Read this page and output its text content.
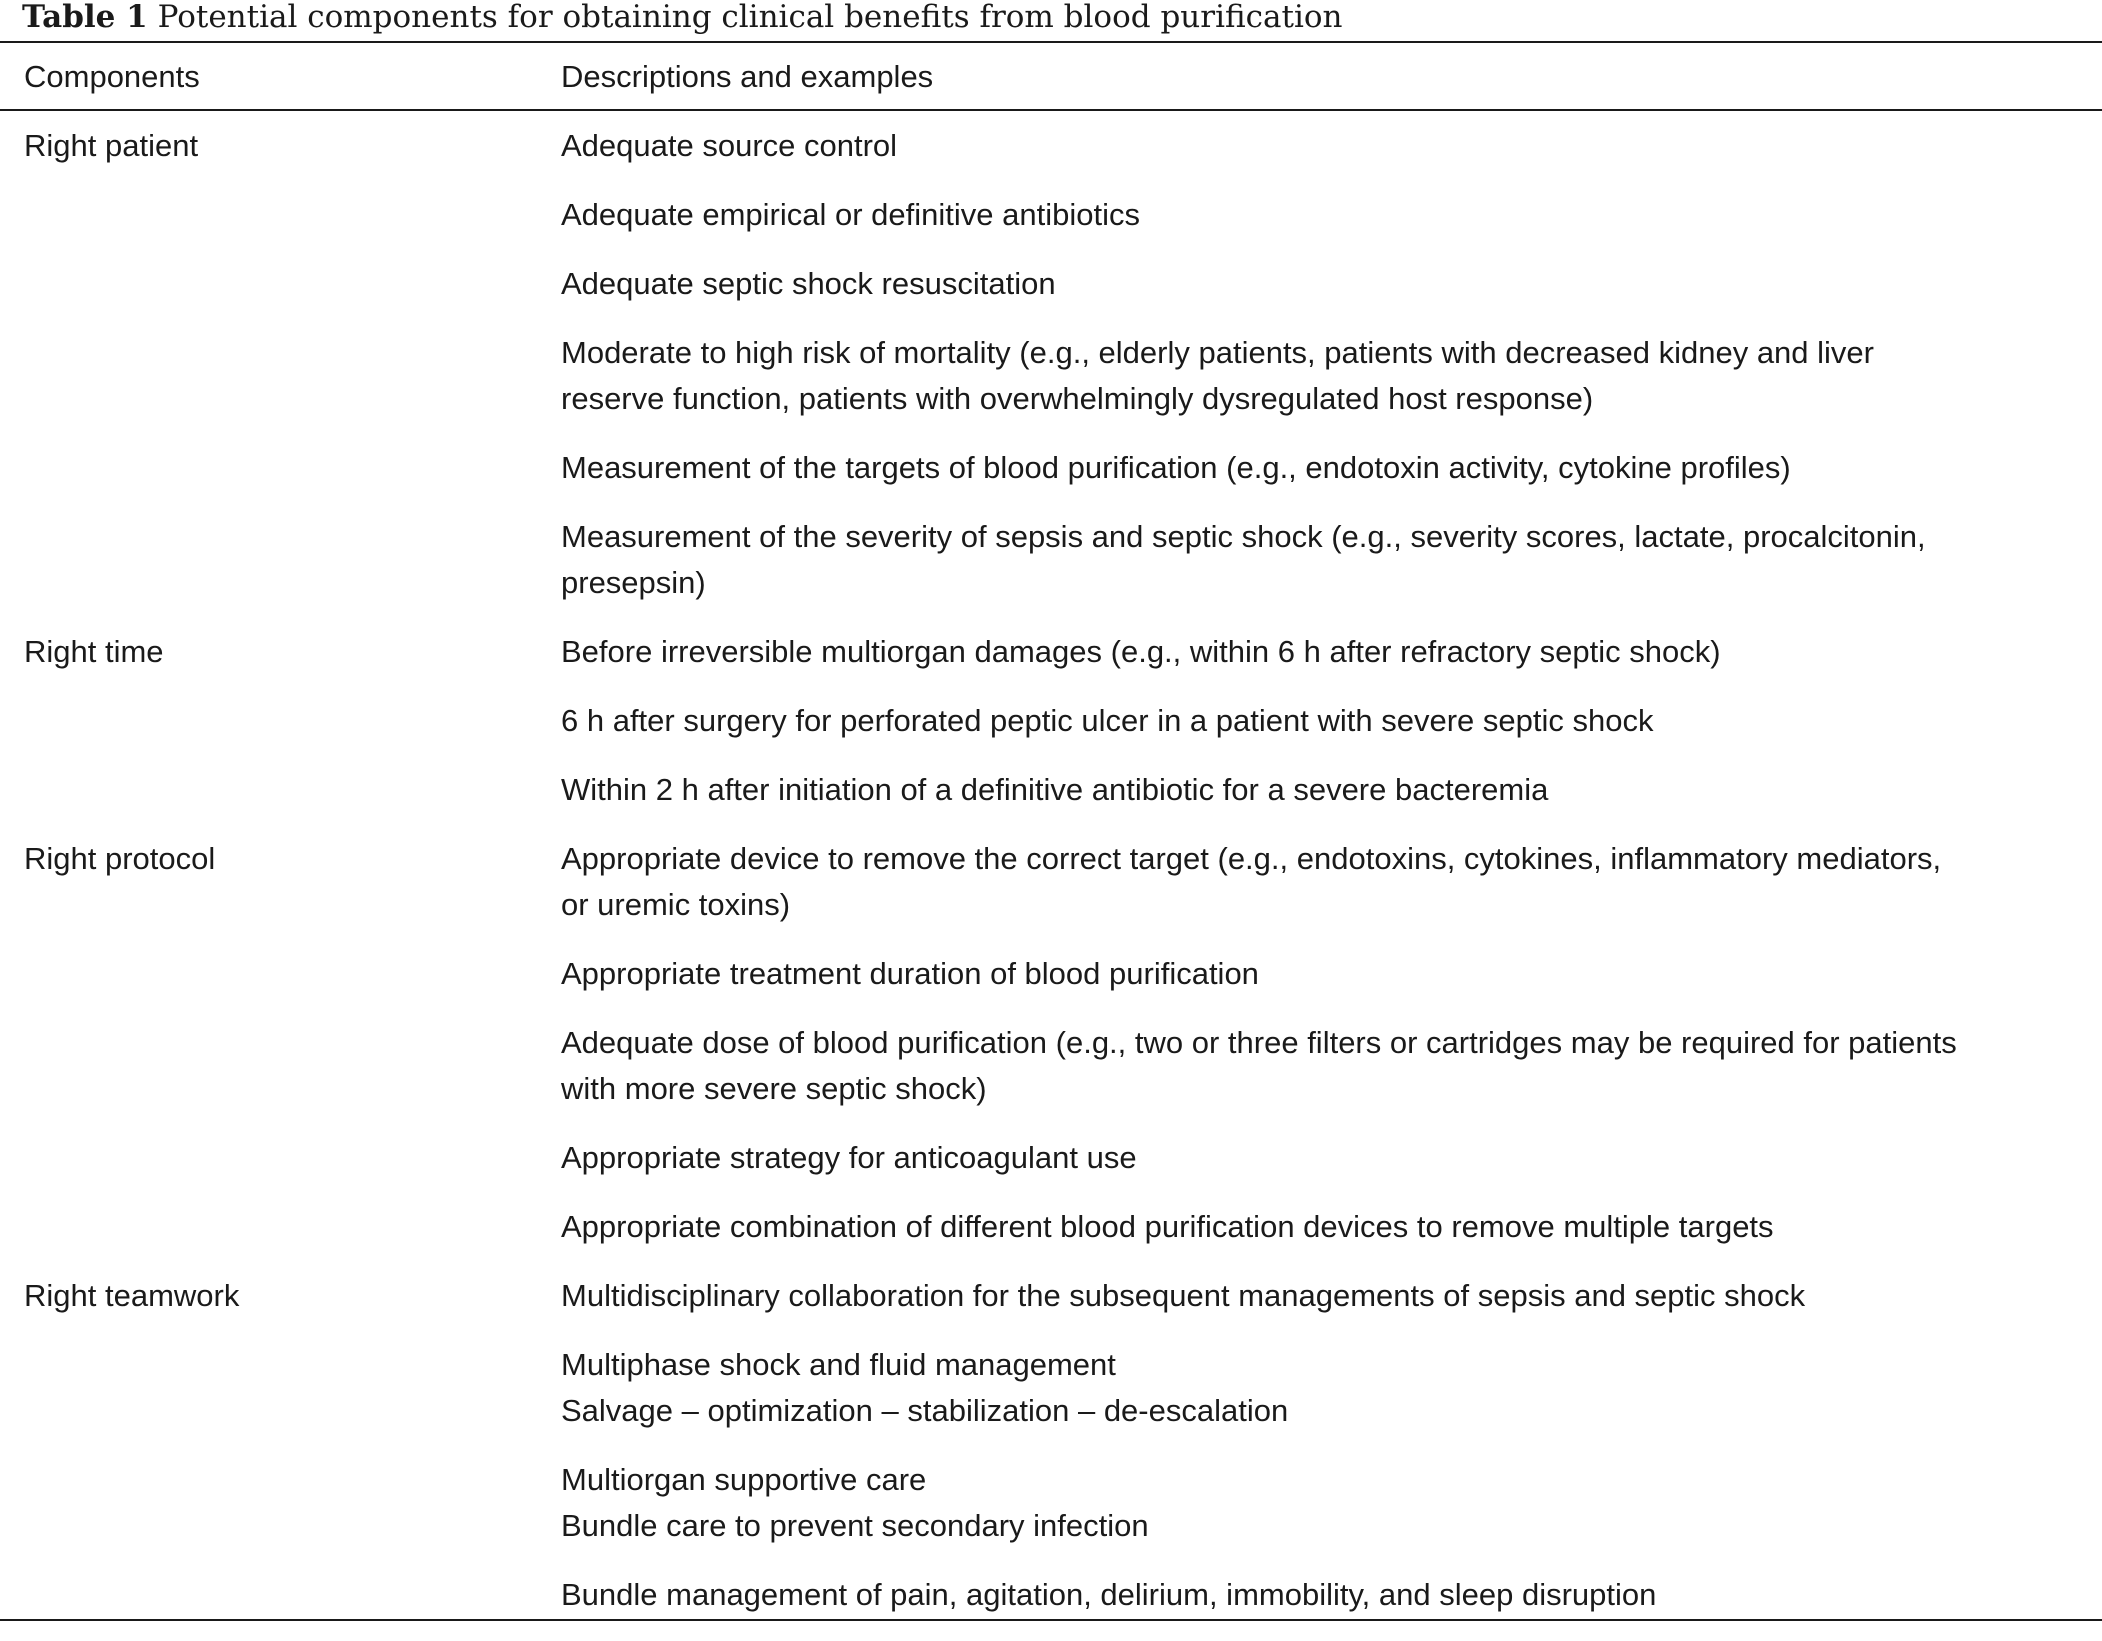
Table 1 Potential components for obtaining clinical benefits from blood purification
Components	Descriptions and examples
Right patient	Adequate source control
Adequate empirical or definitive antibiotics
Adequate septic shock resuscitation
Moderate to high risk of mortality (e.g., elderly patients, patients with decreased kidney and liver
reserve function, patients with overwhelmingly dysregulated host response)
Measurement of the targets of blood purification (e.g., endotoxin activity, cytokine profiles)
Measurement of the severity of sepsis and septic shock (e.g., severity scores, lactate, procalcitonin,
presepsin)
Right time	Before irreversible multiorgan damages (e.g., within 6 h after refractory septic shock)
6 h after surgery for perforated peptic ulcer in a patient with severe septic shock
Within 2 h after initiation of a definitive antibiotic for a severe bacteremia
Right protocol	Appropriate device to remove the correct target (e.g., endotoxins, cytokines, inflammatory mediators,
or uremic toxins)
Appropriate treatment duration of blood purification
Adequate dose of blood purification (e.g., two or three filters or cartridges may be required for patients
with more severe septic shock)
Appropriate strategy for anticoagulant use
Appropriate combination of different blood purification devices to remove multiple targets
Right teamwork	Multidisciplinary collaboration for the subsequent managements of sepsis and septic shock
Multiphase shock and fluid management
Salvage – optimization – stabilization – de-escalation
Multiorgan supportive care
Bundle care to prevent secondary infection
Bundle management of pain, agitation, delirium, immobility, and sleep disruption
